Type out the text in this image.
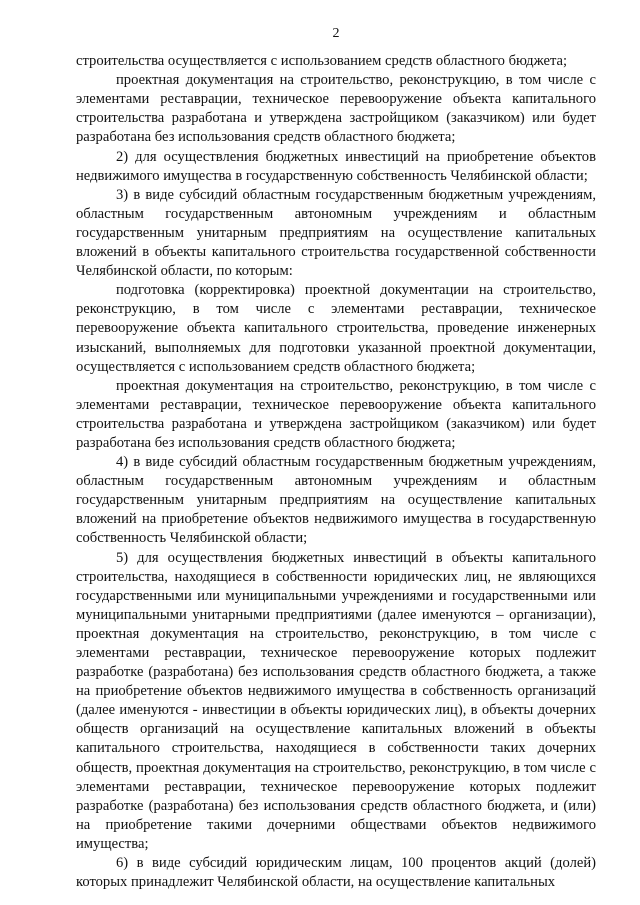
2

строительства осуществляется с использованием средств областного бюджета;

проектная документация на строительство, реконструкцию, в том числе с элементами реставрации, техническое перевооружение объекта капитального строительства разработана и утверждена застройщиком (заказчиком) или будет разработана без использования средств областного бюджета;

2) для осуществления бюджетных инвестиций на приобретение объектов недвижимого имущества в государственную собственность Челябинской области;

3) в виде субсидий областным государственным бюджетным учреждениям, областным государственным автономным учреждениям и областным государственным унитарным предприятиям на осуществление капитальных вложений в объекты капитального строительства государственной собственности Челябинской области, по которым:

подготовка (корректировка) проектной документации на строительство, реконструкцию, в том числе с элементами реставрации, техническое перевооружение объекта капитального строительства, проведение инженерных изысканий, выполняемых для подготовки указанной проектной документации, осуществляется с использованием средств областного бюджета;

проектная документация на строительство, реконструкцию, в том числе с элементами реставрации, техническое перевооружение объекта капитального строительства разработана и утверждена застройщиком (заказчиком) или будет разработана без использования средств областного бюджета;

4) в виде субсидий областным государственным бюджетным учреждениям, областным государственным автономным учреждениям и областным государственным унитарным предприятиям на осуществление капитальных вложений на приобретение объектов недвижимого имущества в государственную собственность Челябинской области;

5) для осуществления бюджетных инвестиций в объекты капитального строительства, находящиеся в собственности юридических лиц, не являющихся государственными или муниципальными учреждениями и государственными или муниципальными унитарными предприятиями (далее именуются – организации), проектная документация на строительство, реконструкцию, в том числе с элементами реставрации, техническое перевооружение которых подлежит разработке (разработана) без использования средств областного бюджета, а также на приобретение объектов недвижимого имущества в собственность организаций (далее именуются - инвестиции в объекты юридических лиц), в объекты дочерних обществ организаций на осуществление капитальных вложений в объекты капитального строительства, находящиеся в собственности таких дочерних обществ, проектная документация на строительство, реконструкцию, в том числе с элементами реставрации, техническое перевооружение которых подлежит разработке (разработана) без использования средств областного бюджета, и (или) на приобретение такими дочерними обществами объектов недвижимого имущества;

6) в виде субсидий юридическим лицам, 100 процентов акций (долей) которых принадлежит Челябинской области, на осуществление капитальных
